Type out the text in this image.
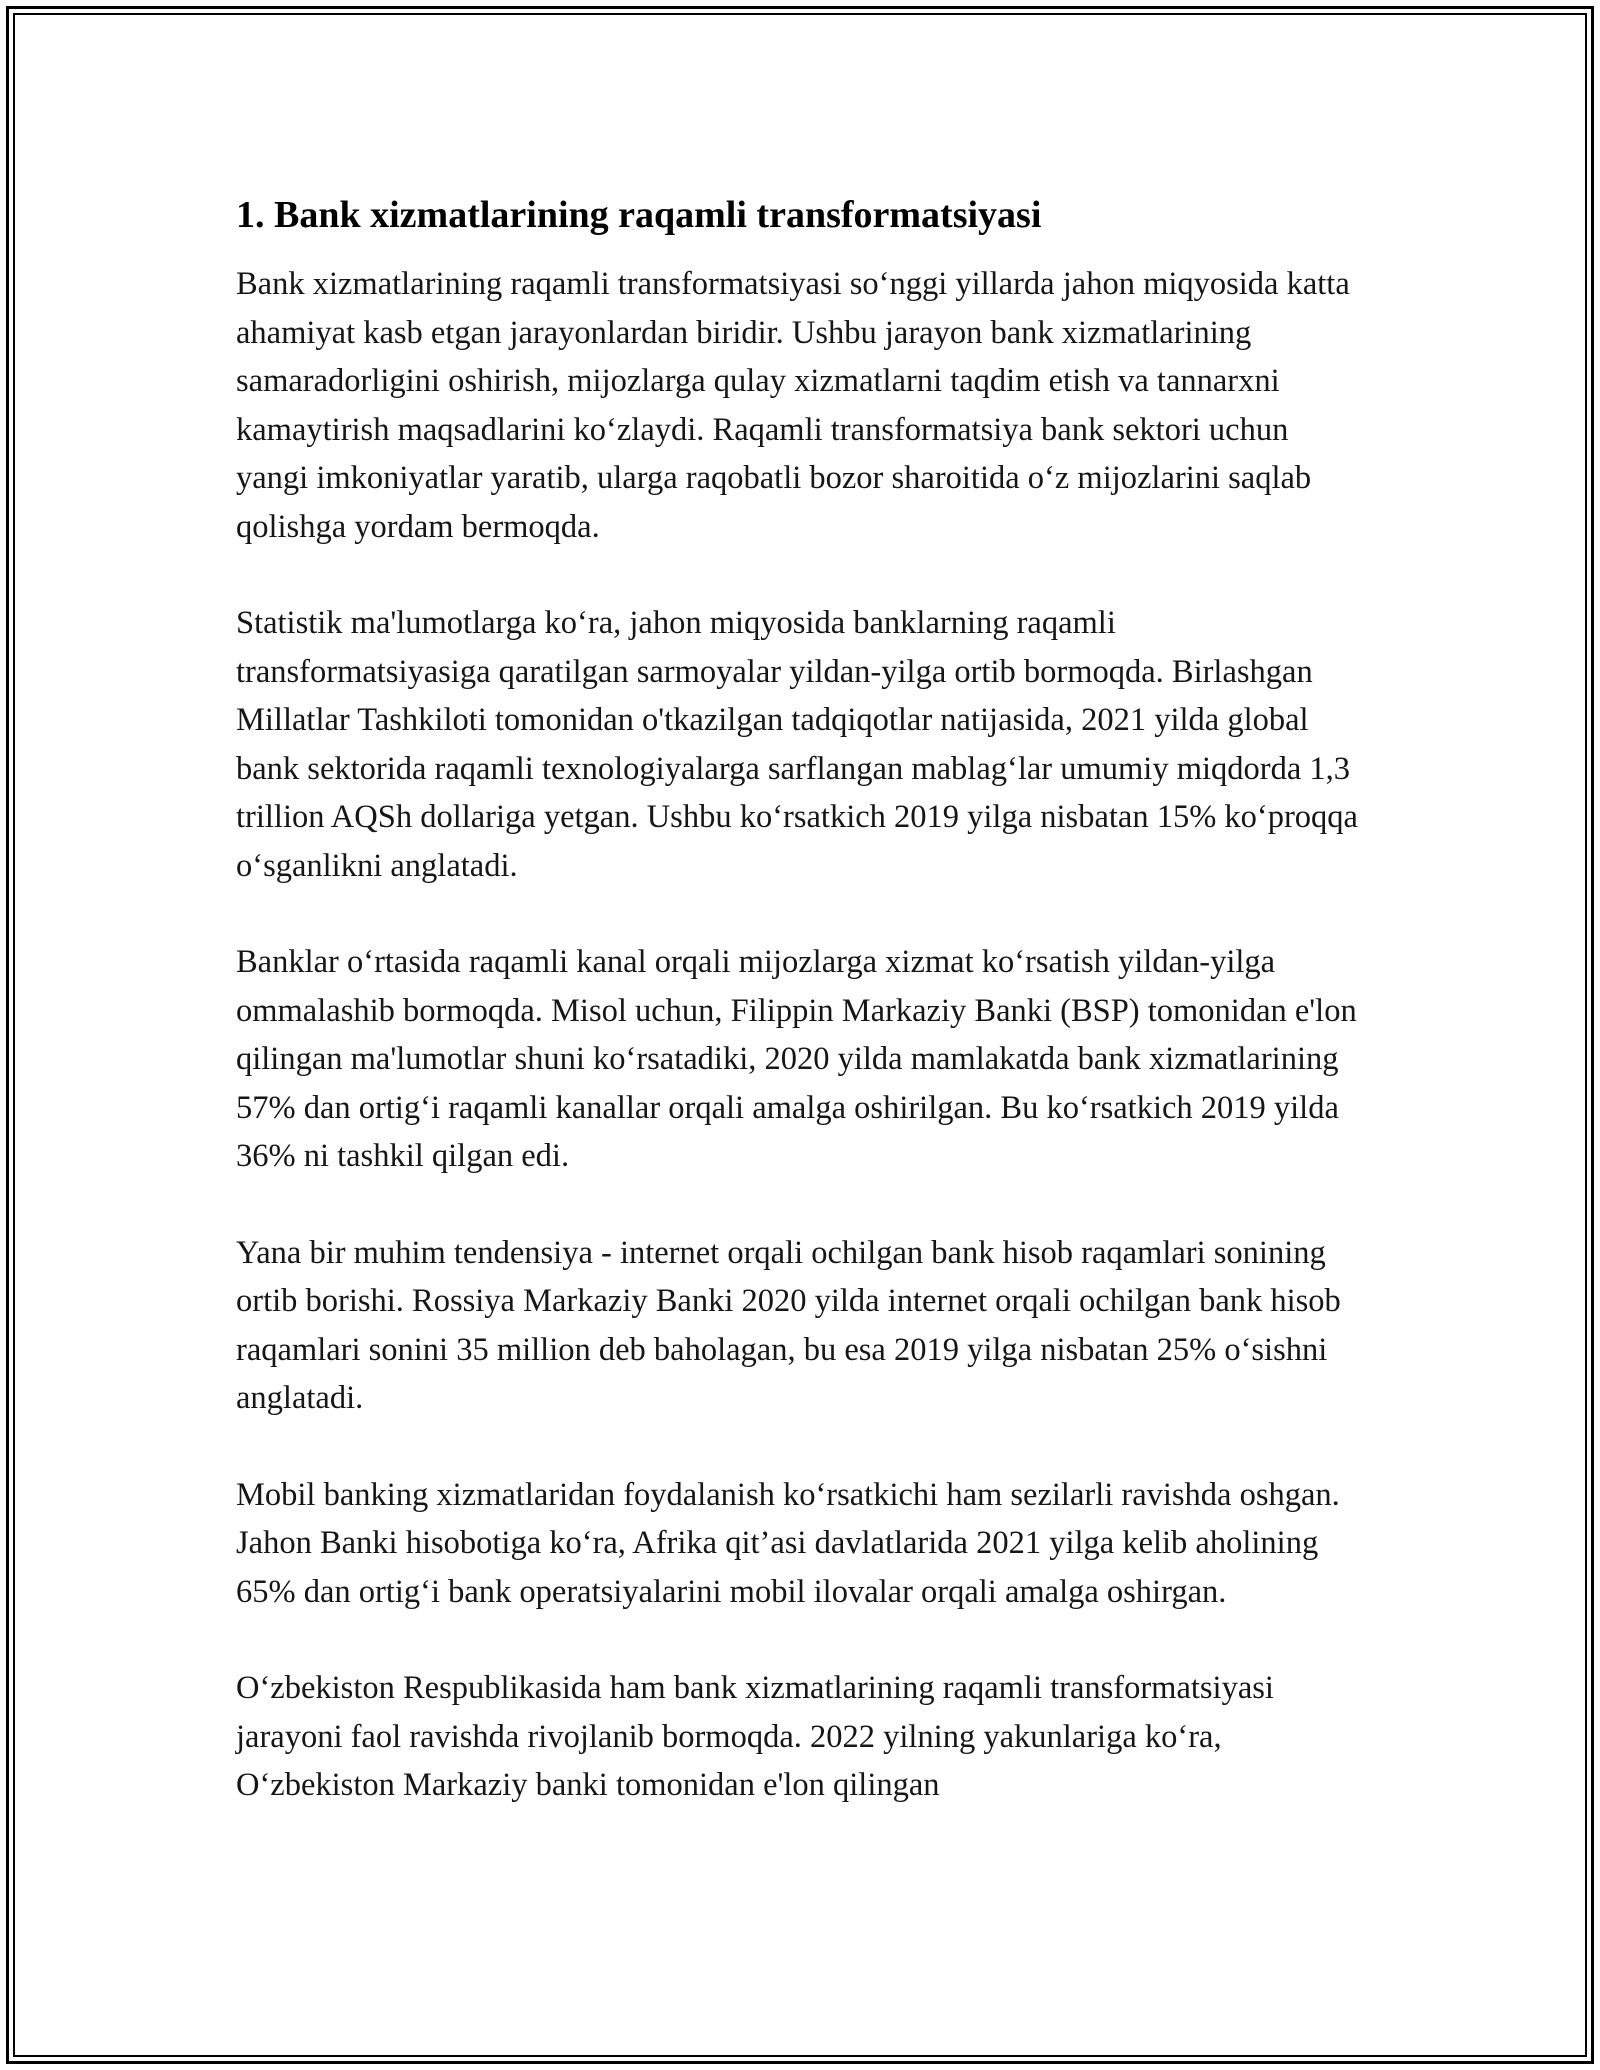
1. Bank xizmatlarining raqamli transformatsiyasi

Bank xizmatlarining raqamli transformatsiyasi so‘nggi yillarda jahon miqyosida katta ahamiyat kasb etgan jarayonlardan biridir. Ushbu jarayon bank xizmatlarining samaradorligini oshirish, mijozlarga qulay xizmatlarni taqdim etish va tannarxni kamaytirish maqsadlarini ko‘zlaydi. Raqamli transformatsiya bank sektori uchun yangi imkoniyatlar yaratib, ularga raqobatli bozor sharoitida o‘z mijozlarini saqlab qolishga yordam bermoqda.

Statistik ma'lumotlarga ko‘ra, jahon miqyosida banklarning raqamli transformatsiyasiga qaratilgan sarmoyalar yildan-yilga ortib bormoqda. Birlashgan Millatlar Tashkiloti tomonidan o'tkazilgan tadqiqotlar natijasida, 2021 yilda global bank sektorida raqamli texnologiyalarga sarflangan mablag‘lar umumiy miqdorda 1,3 trillion AQSh dollariga yetgan. Ushbu ko‘rsatkich 2019 yilga nisbatan 15% ko‘proqqa o‘sganlikni anglatadi.

Banklar o‘rtasida raqamli kanal orqali mijozlarga xizmat ko‘rsatish yildan-yilga ommalashib bormoqda. Misol uchun, Filippin Markaziy Banki (BSP) tomonidan e'lon qilingan ma'lumotlar shuni ko‘rsatadiki, 2020 yilda mamlakatda bank xizmatlarining 57% dan ortig‘i raqamli kanallar orqali amalga oshirilgan. Bu ko‘rsatkich 2019 yilda 36% ni tashkil qilgan edi.

Yana bir muhim tendensiya - internet orqali ochilgan bank hisob raqamlari sonining ortib borishi. Rossiya Markaziy Banki 2020 yilda internet orqali ochilgan bank hisob raqamlari sonini 35 million deb baholagan, bu esa 2019 yilga nisbatan 25% o‘sishni anglatadi.

Mobil banking xizmatlaridan foydalanish ko‘rsatkichi ham sezilarli ravishda oshgan. Jahon Banki hisobotiga ko‘ra, Afrika qit’asi davlatlarida 2021 yilga kelib aholining 65% dan ortig‘i bank operatsiyalarini mobil ilovalar orqali amalga oshirgan.

O‘zbekiston Respublikasida ham bank xizmatlarining raqamli transformatsiyasi jarayoni faol ravishda rivojlanib bormoqda. 2022 yilning yakunlariga ko‘ra, O‘zbekiston Markaziy banki tomonidan e'lon qilingan
